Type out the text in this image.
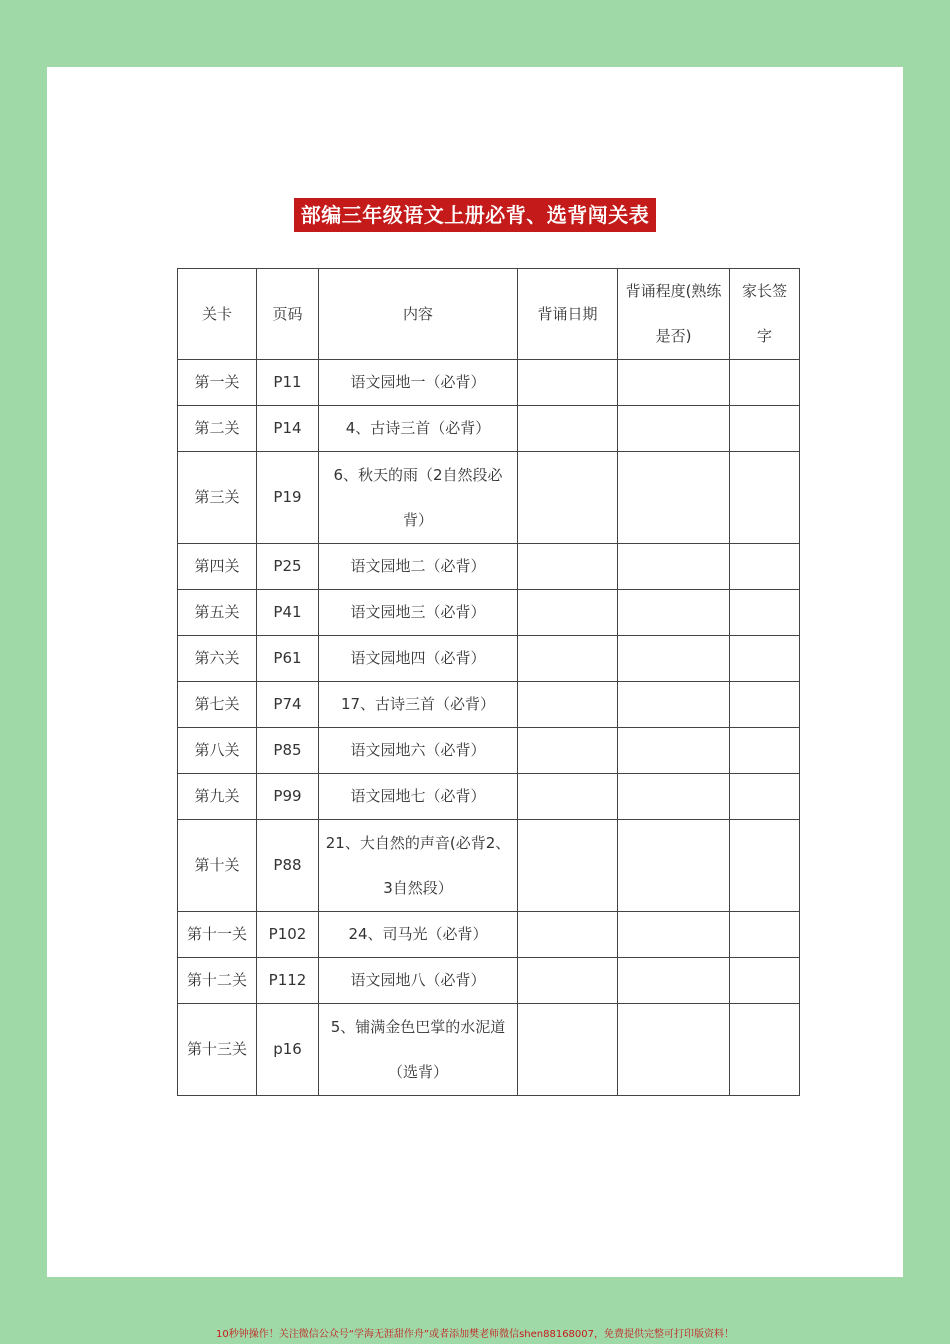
部编三年级语文上册必背、选背闯关表
关卡	页码	内容	背诵日期	背诵程度(熟练是否)	家长签字
第一关	P11	语文园地一（必背）			
第二关	P14	4、古诗三首（必背）			
第三关	P19	6、秋天的雨（2自然段必背）			
第四关	P25	语文园地二（必背）			
第五关	P41	语文园地三（必背）			
第六关	P61	语文园地四（必背）			
第七关	P74	17、古诗三首（必背）			
第八关	P85	语文园地六（必背）			
第九关	P99	语文园地七（必背）			
第十关	P88	21、大自然的声音(必背2、3自然段）			
第十一关	P102	24、司马光（必背）			
第十二关	P112	语文园地八（必背）			
第十三关	p16	5、铺满金色巴掌的水泥道（选背）			
10秒钟操作！关注微信公众号“学海无涯甜作舟”或者添加樊老师微信shen88168007，免费提供完整可打印版资料！
